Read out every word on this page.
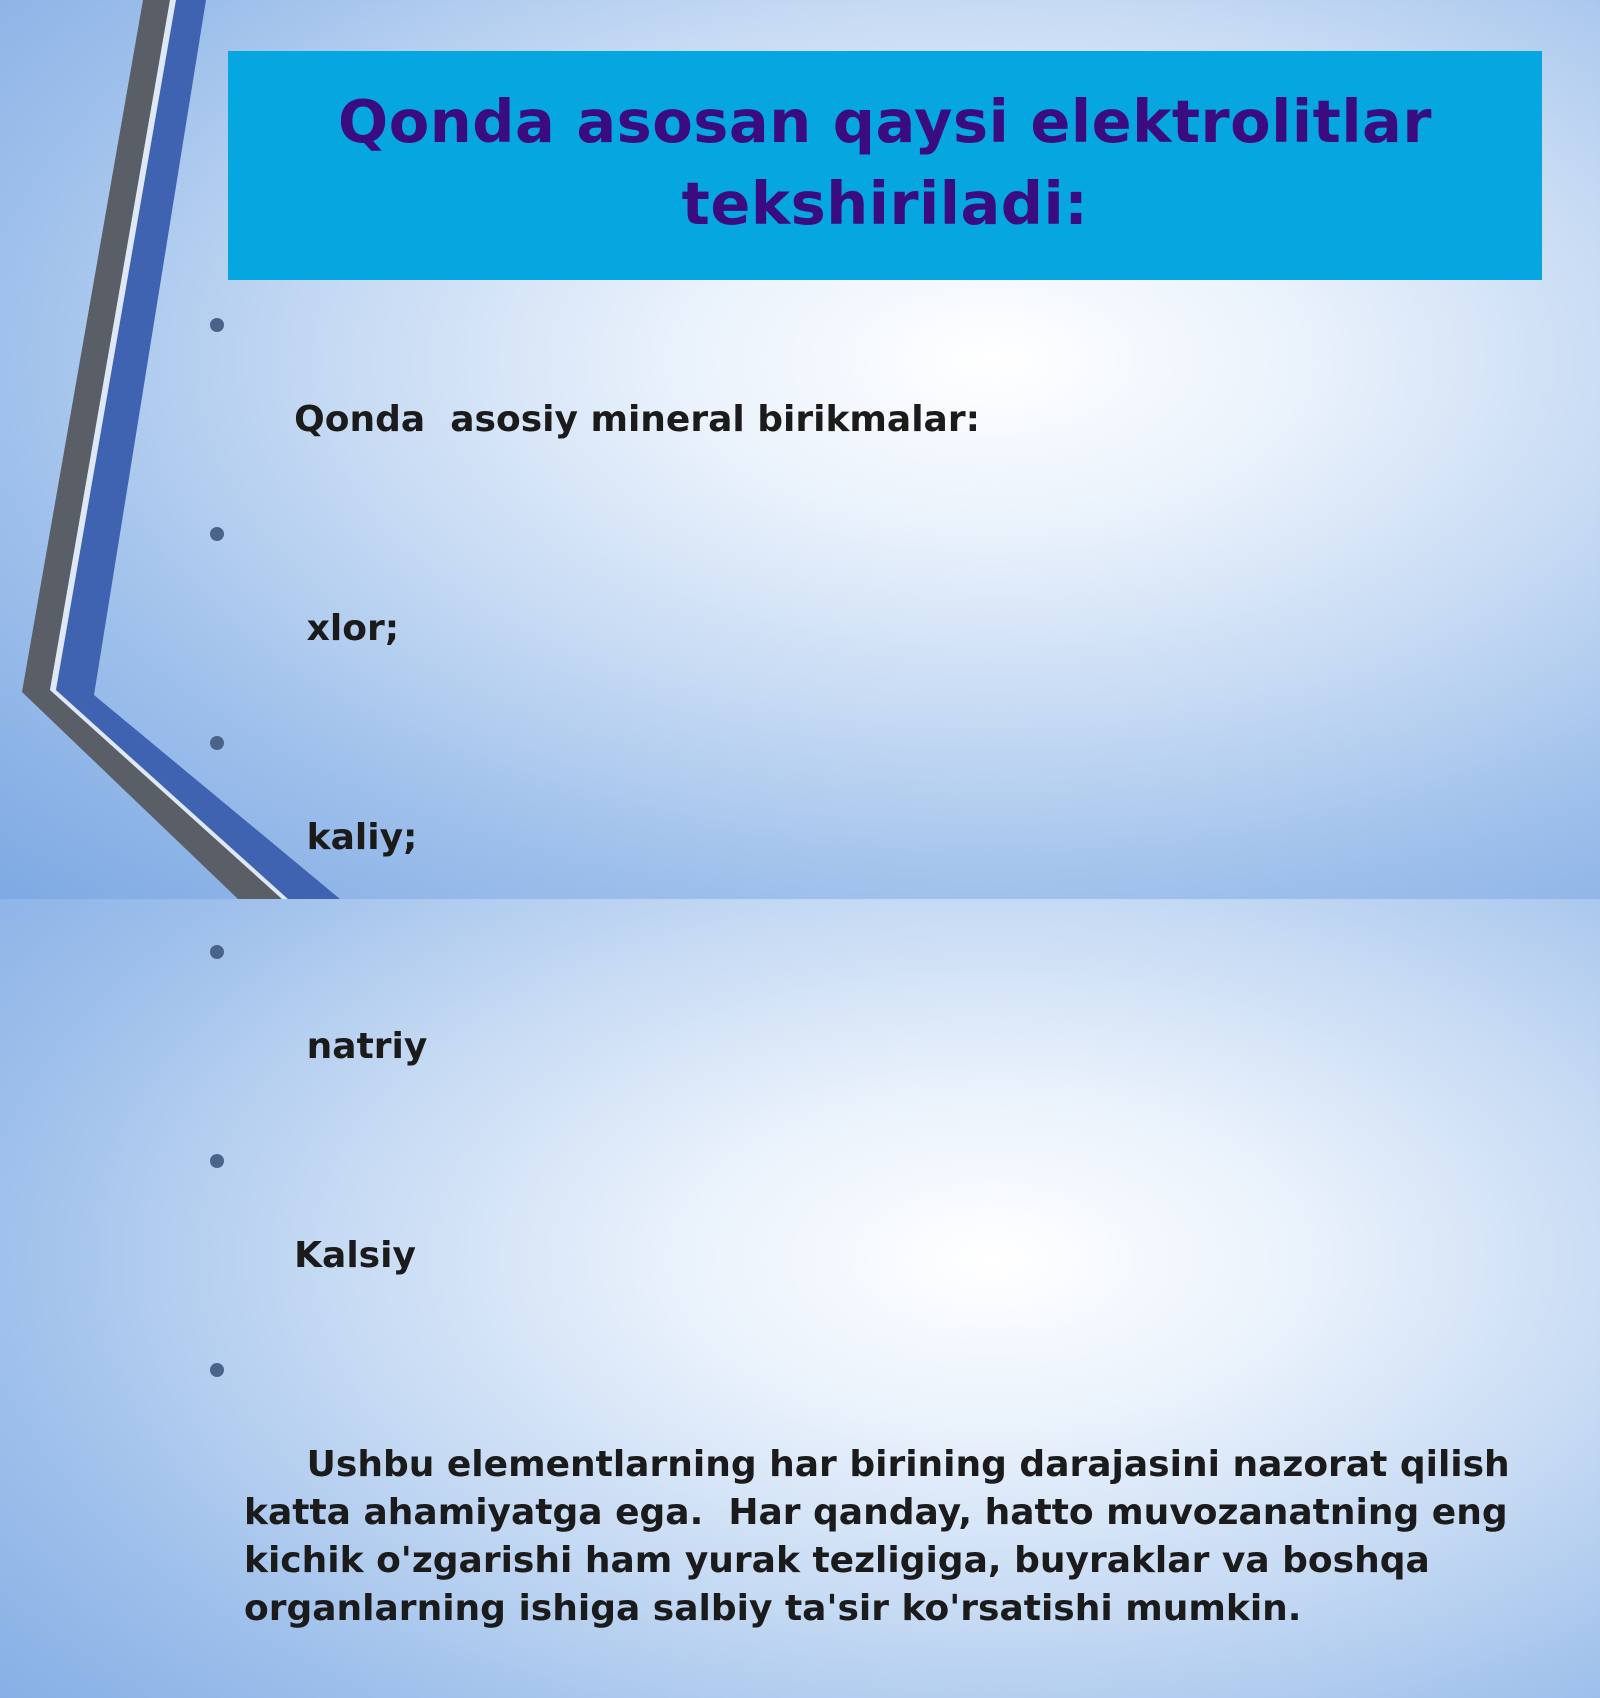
Qonda asosan qaysi elektrolitlar
tekshiriladi:

Qonda  asosiy mineral birikmalar:

xlor;

kaliy;

natriy

Kalsiy

Ushbu elementlarning har birining darajasini nazorat qilish katta ahamiyatga ega.  Har qanday, hatto muvozanatning eng kichik o'zgarishi ham yurak tezligiga, buyraklar va boshqa organlarning ishiga salbiy ta'sir ko'rsatishi mumkin.
